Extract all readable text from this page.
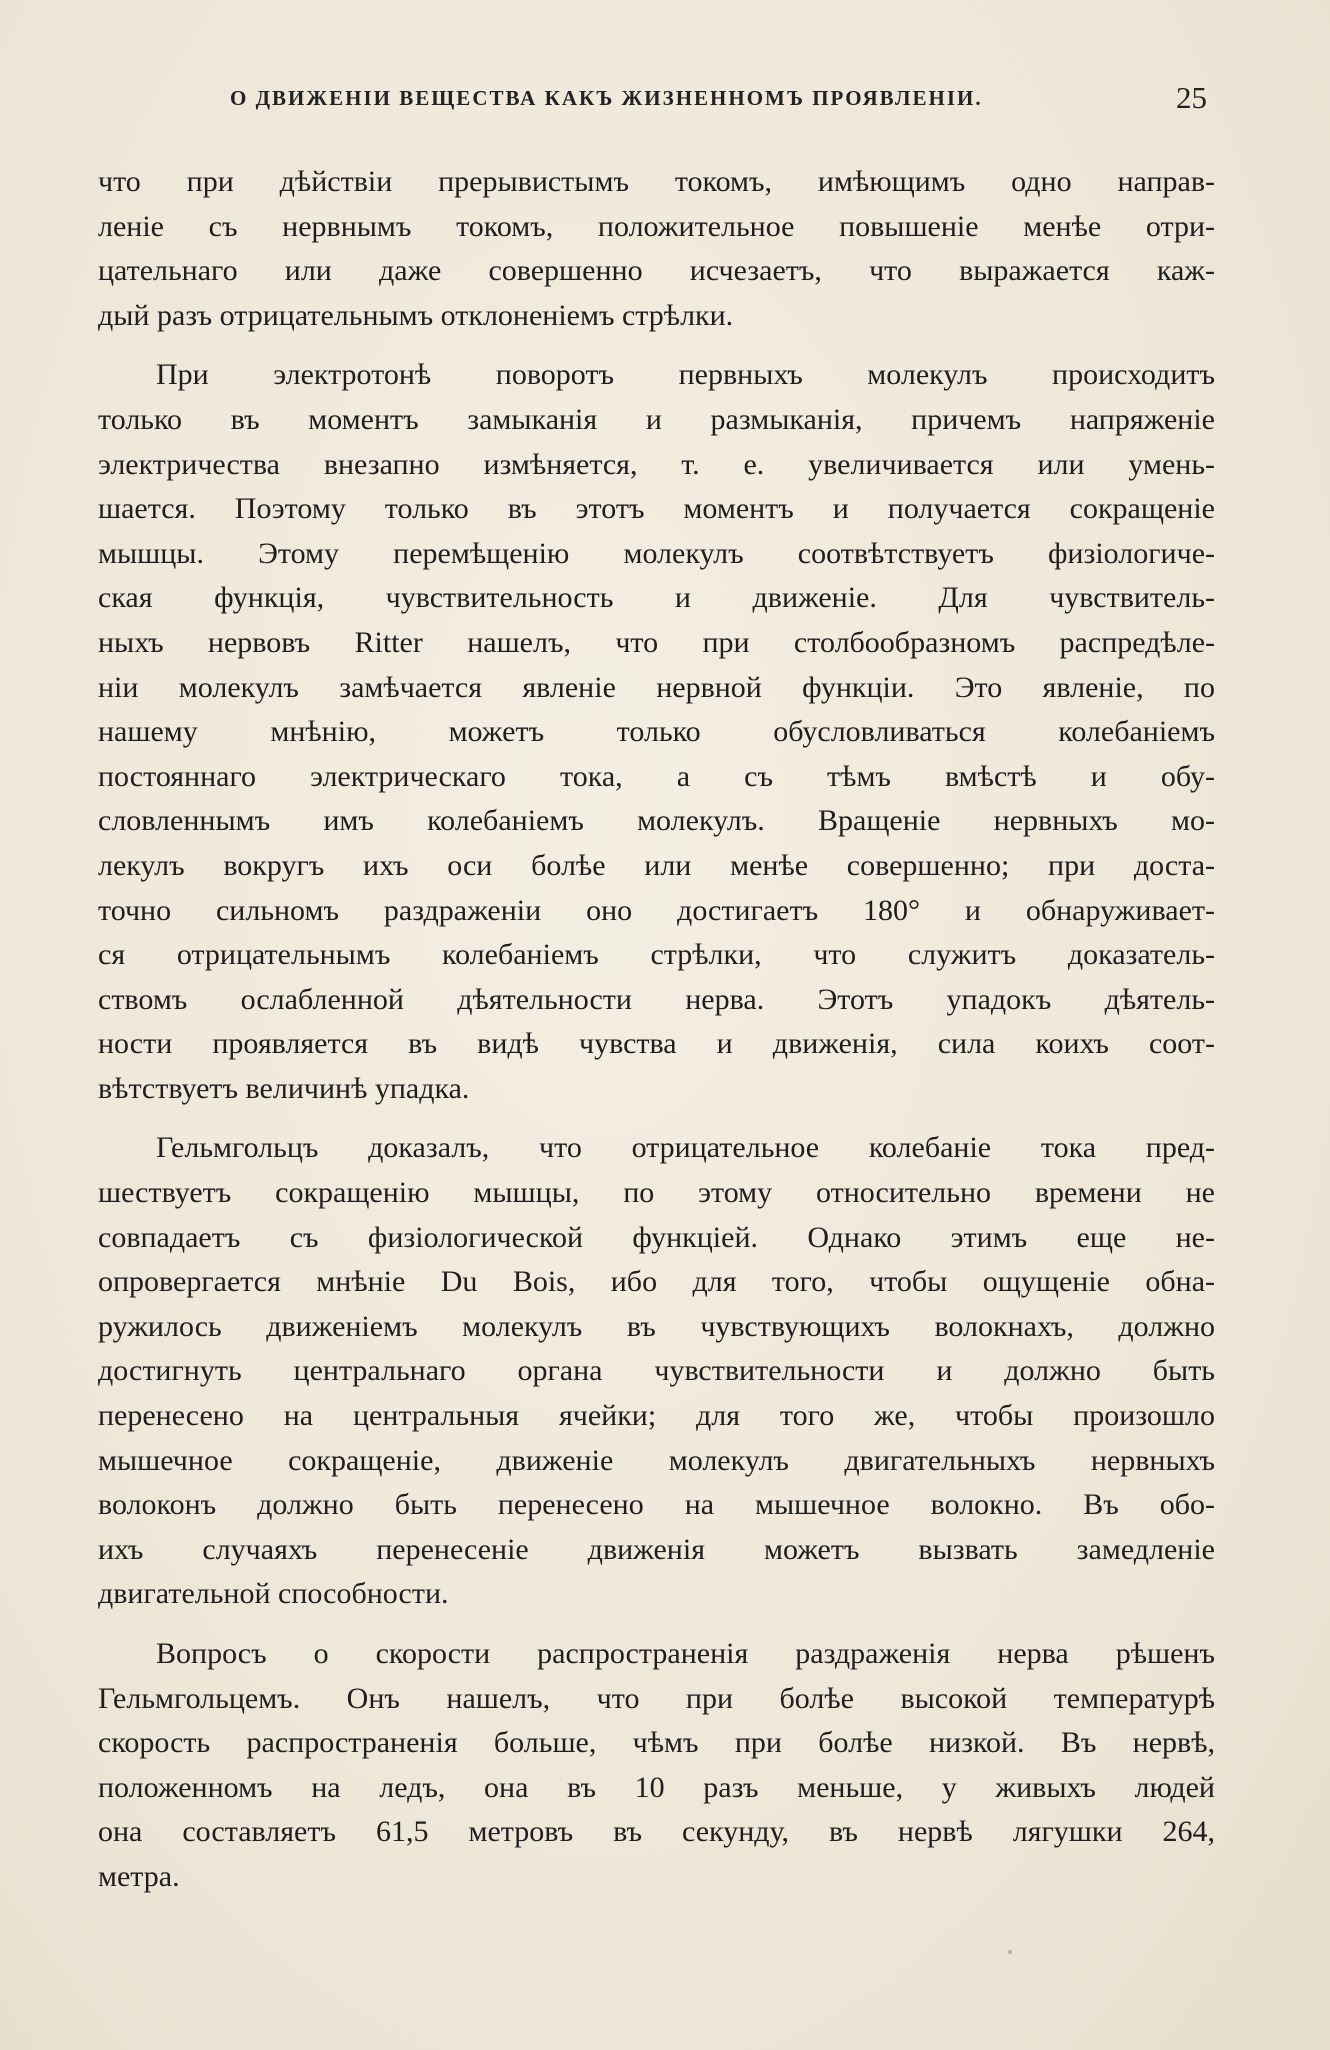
О ДВИЖЕНІИ ВЕЩЕСТВА КАКЪ ЖИЗНЕННОМЪ ПРОЯВЛЕНІИ.	25

что при дѣйствіи прерывистымъ токомъ, имѣющимъ одно направ-
леніе съ нервнымъ токомъ, положительное повышеніе менѣе отри-
цательнаго или даже совершенно исчезаетъ, что выражается каж-
дый разъ отрицательнымъ отклоненіемъ стрѣлки.

При электротонѣ поворотъ первныхъ молекулъ происходитъ
только въ моментъ замыканія и размыканія, причемъ напряженіе
электричества внезапно измѣняется, т. е. увеличивается или умень-
шается. Поэтому только въ этотъ моментъ и получается сокращеніе
мышцы. Этому перемѣщенію молекулъ соотвѣтствуетъ физіологиче-
ская функція, чувствительность и движеніе. Для чувствитель-
ныхъ нервовъ Ritter нашелъ, что при столбообразномъ распредѣле-
ніи молекулъ замѣчается явленіе нервной функціи. Это явленіе, по
нашему мнѣнію, можетъ только обусловливаться колебаніемъ
постояннаго электрическаго тока, а съ тѣмъ вмѣстѣ и обу-
словленнымъ имъ колебаніемъ молекулъ. Вращеніе нервныхъ мо-
лекулъ вокругъ ихъ оси болѣе или менѣе совершенно; при доста-
точно сильномъ раздраженіи оно достигаетъ 180° и обнаруживает-
ся отрицательнымъ колебаніемъ стрѣлки, что служитъ доказатель-
ствомъ ослабленной дѣятельности нерва. Этотъ упадокъ дѣятель-
ности проявляется въ видѣ чувства и движенія, сила коихъ соот-
вѣтствуетъ величинѣ упадка.

Гельмгольцъ доказалъ, что отрицательное колебаніе тока пред-
шествуетъ сокращенію мышцы, по этому относительно времени не
совпадаетъ съ физіологической функціей. Однако этимъ еще не-
опровергается мнѣніе Du Bois, ибо для того, чтобы ощущеніе обна-
ружилось движеніемъ молекулъ въ чувствующихъ волокнахъ, должно
достигнуть центральнаго органа чувствительности и должно быть
перенесено на центральныя ячейки; для того же, чтобы произошло
мышечное сокращеніе, движеніе молекулъ двигательныхъ нервныхъ
волоконъ должно быть перенесено на мышечное волокно. Въ обо-
ихъ случаяхъ перенесеніе движенія можетъ вызвать замедленіе
двигательной способности.

Вопросъ о скорости распространенія раздраженія нерва рѣшенъ
Гельмгольцемъ. Онъ нашелъ, что при болѣе высокой температурѣ
скорость распространенія больше, чѣмъ при болѣе низкой. Въ нервѣ,
положенномъ на ледъ, она въ 10 разъ меньше, у живыхъ людей
она составляетъ 61,5 метровъ въ секунду, въ нервѣ лягушки 264,
метра.
